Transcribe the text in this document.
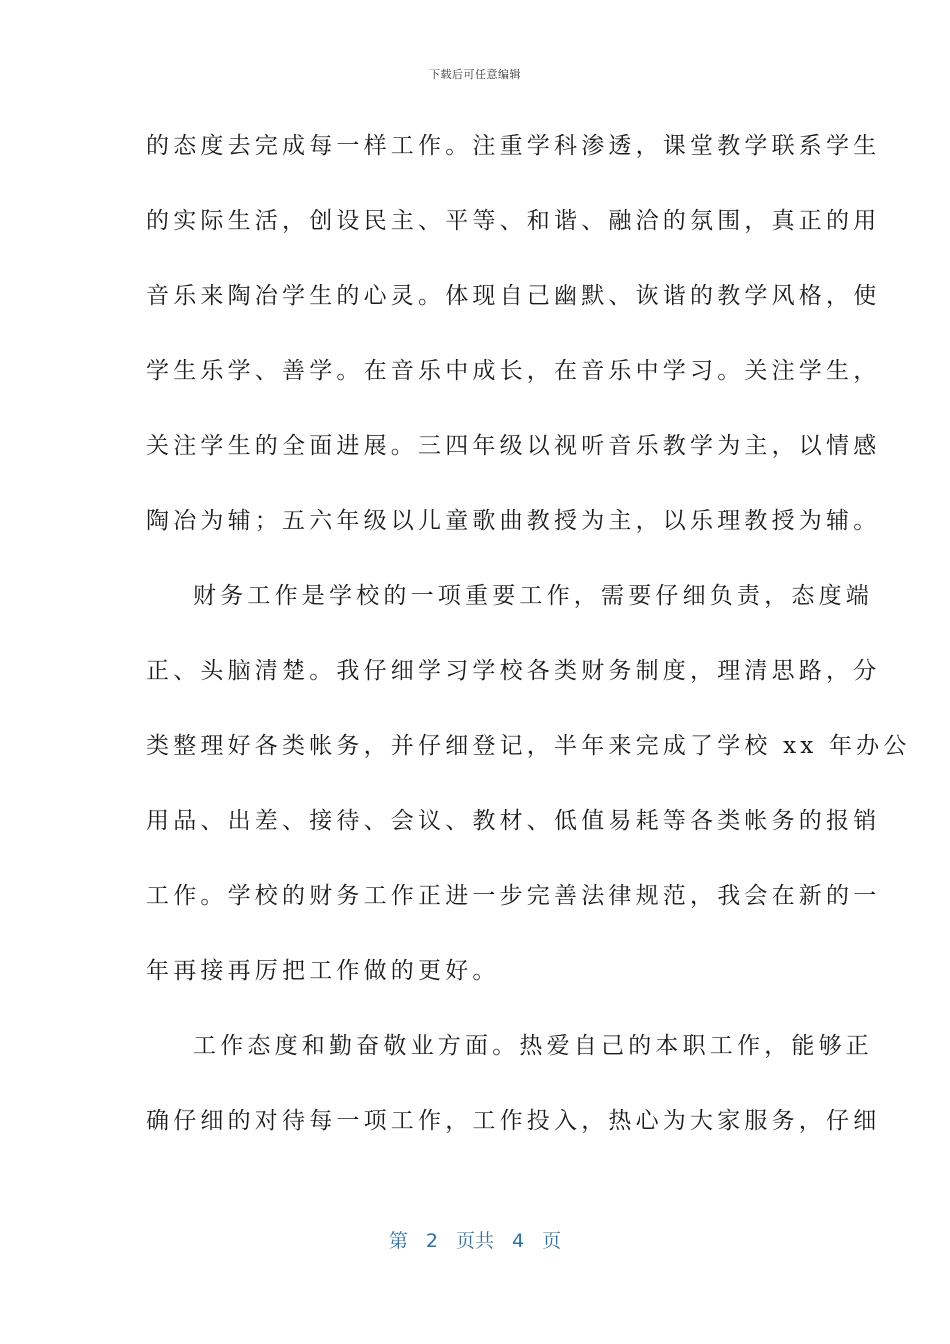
下载后可任意编辑
的态度去完成每一样工作。注重学科渗透，课堂教学联系学生
的实际生活，创设民主、平等、和谐、融洽的氛围，真正的用
音乐来陶冶学生的心灵。体现自己幽默、诙谐的教学风格，使
学生乐学、善学。在音乐中成长，在音乐中学习。关注学生，
关注学生的全面进展。三四年级以视听音乐教学为主，以情感
陶冶为辅；五六年级以儿童歌曲教授为主，以乐理教授为辅。
财务工作是学校的一项重要工作，需要仔细负责，态度端
正、头脑清楚。我仔细学习学校各类财务制度，理清思路，分
类整理好各类帐务，并仔细登记，半年来完成了学校 xx 年办公
用品、出差、接待、会议、教材、低值易耗等各类帐务的报销
工作。学校的财务工作正进一步完善法律规范，我会在新的一
年再接再厉把工作做的更好。
工作态度和勤奋敬业方面。热爱自己的本职工作，能够正
确仔细的对待每一项工作，工作投入，热心为大家服务，仔细
第 2 页共 4 页
